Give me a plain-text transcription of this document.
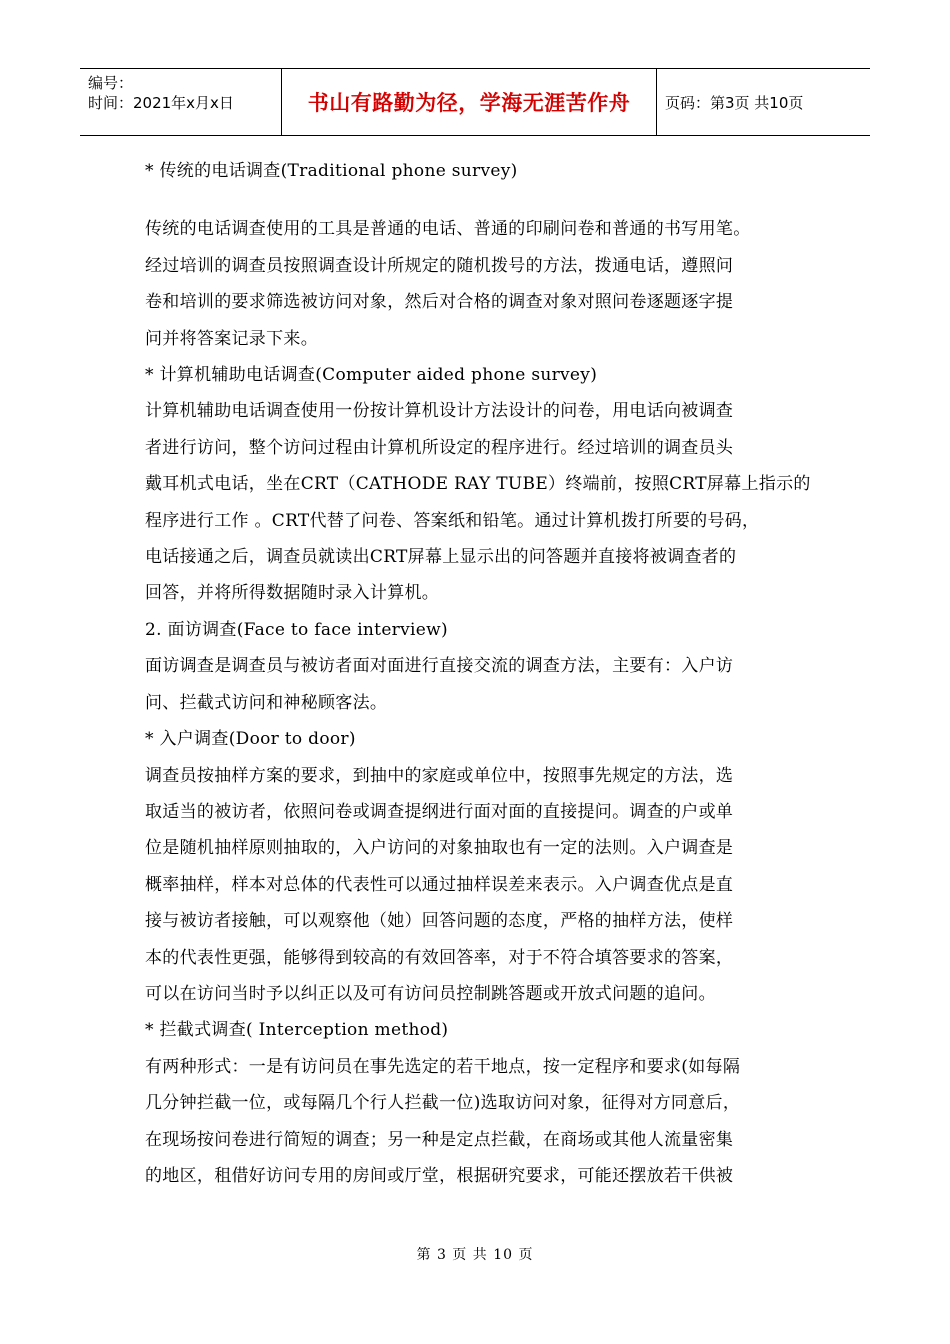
编号：
时间：2021年x月x日	书山有路勤为径，学海无涯苦作舟	页码：第3页 共10页
* 传统的电话调查(Traditional phone survey)
传统的电话调查使用的工具是普通的电话、普通的印刷问卷和普通的书写用笔。
经过培训的调查员按照调查设计所规定的随机拨号的方法，拨通电话，遵照问
卷和培训的要求筛选被访问对象，然后对合格的调查对象对照问卷逐题逐字提
问并将答案记录下来。
* 计算机辅助电话调查(Computer aided phone survey)
计算机辅助电话调查使用一份按计算机设计方法设计的问卷，用电话向被调查
者进行访问，整个访问过程由计算机所设定的程序进行。经过培训的调查员头
戴耳机式电话，坐在CRT（CATHODE RAY TUBE）终端前，按照CRT屏幕上指示的
程序进行工作 。CRT代替了问卷、答案纸和铅笔。通过计算机拨打所要的号码，
电话接通之后，调查员就读出CRT屏幕上显示出的问答题并直接将被调查者的
回答，并将所得数据随时录入计算机。
2. 面访调查(Face to face interview)
面访调查是调查员与被访者面对面进行直接交流的调查方法，主要有：入户访
问、拦截式访问和神秘顾客法。
* 入户调查(Door to door)
调查员按抽样方案的要求，到抽中的家庭或单位中，按照事先规定的方法，选
取适当的被访者，依照问卷或调查提纲进行面对面的直接提问。调查的户或单
位是随机抽样原则抽取的，入户访问的对象抽取也有一定的法则。入户调查是
概率抽样，样本对总体的代表性可以通过抽样误差来表示。入户调查优点是直
接与被访者接触，可以观察他（她）回答问题的态度，严格的抽样方法，使样
本的代表性更强，能够得到较高的有效回答率，对于不符合填答要求的答案，
可以在访问当时予以纠正以及可有访问员控制跳答题或开放式问题的追问。
* 拦截式调查( Interception method)
有两种形式：一是有访问员在事先选定的若干地点，按一定程序和要求(如每隔
几分钟拦截一位，或每隔几个行人拦截一位)选取访问对象，征得对方同意后，
在现场按问卷进行简短的调查；另一种是定点拦截，在商场或其他人流量密集
的地区，租借好访问专用的房间或厅堂，根据研究要求，可能还摆放若干供被
第 3 页 共 10 页
